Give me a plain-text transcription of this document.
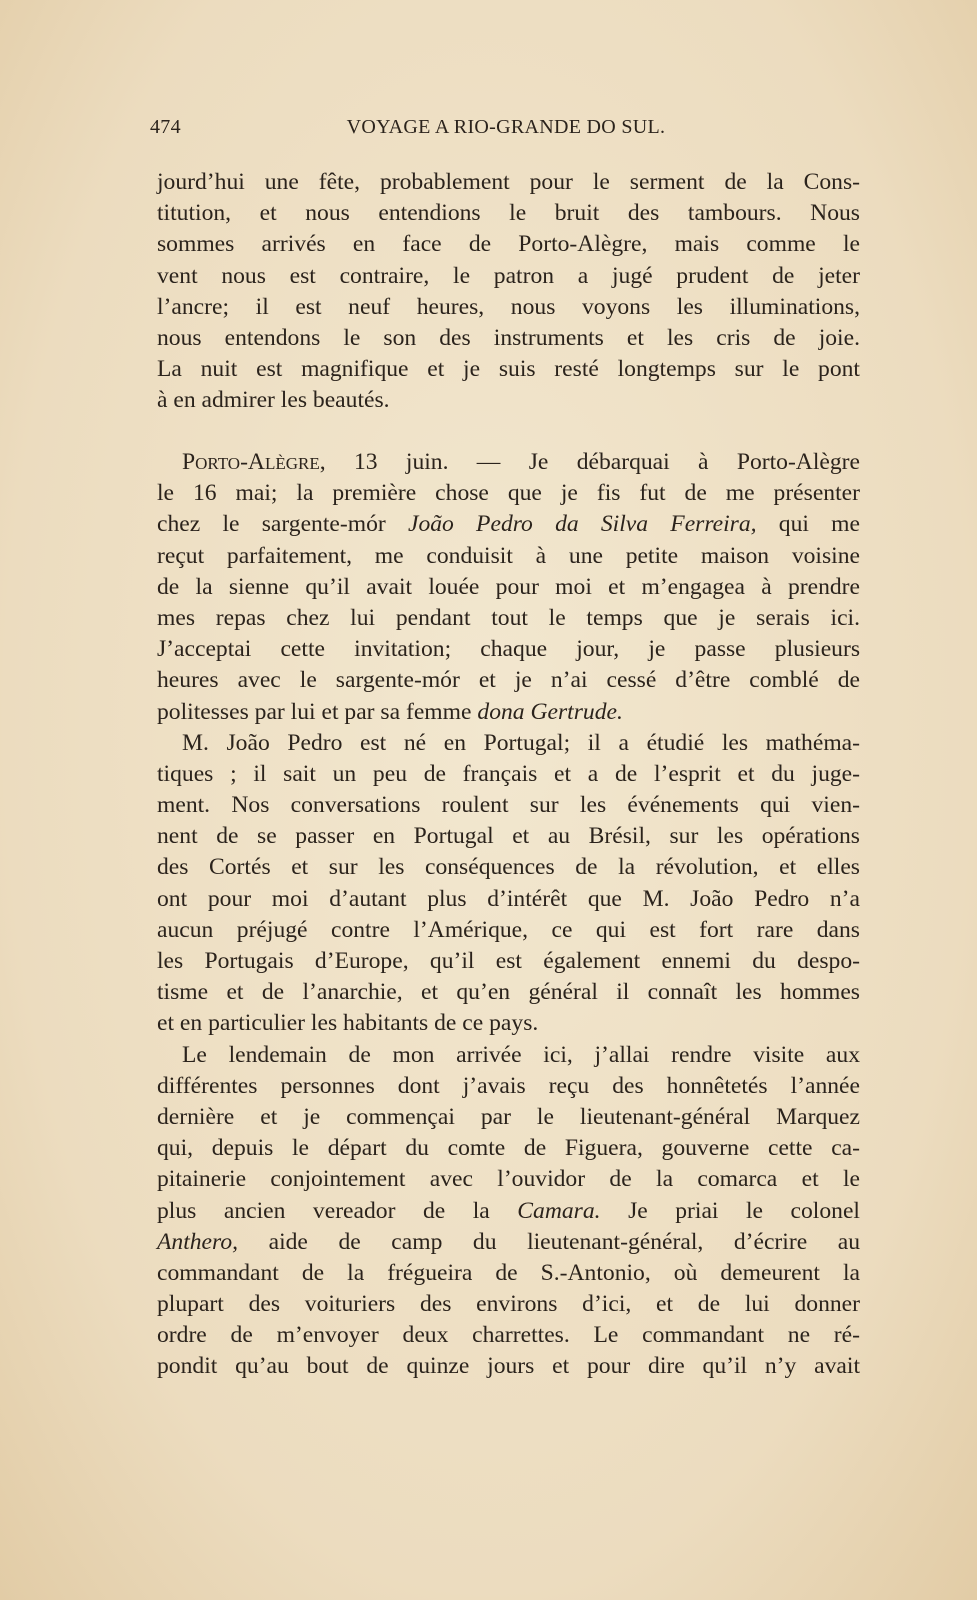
474	VOYAGE A RIO-GRANDE DO SUL.
jourd’hui une fête, probablement pour le serment de la Cons-
titution, et nous entendions le bruit des tambours. Nous
sommes arrivés en face de Porto-Alègre, mais comme le
vent nous est contraire, le patron a jugé prudent de jeter
l’ancre; il est neuf heures, nous voyons les illuminations,
nous entendons le son des instruments et les cris de joie.
La nuit est magnifique et je suis resté longtemps sur le pont
à en admirer les beautés.
Porto-Alègre, 13 juin. — Je débarquai à Porto-Alègre
le 16 mai; la première chose que je fis fut de me présenter
chez le sargente-mór João Pedro da Silva Ferreira, qui me
reçut parfaitement, me conduisit à une petite maison voisine
de la sienne qu’il avait louée pour moi et m’engagea à prendre
mes repas chez lui pendant tout le temps que je serais ici.
J’acceptai cette invitation; chaque jour, je passe plusieurs
heures avec le sargente-mór et je n’ai cessé d’être comblé de
politesses par lui et par sa femme dona Gertrude.
M. João Pedro est né en Portugal; il a étudié les mathéma-
tiques ; il sait un peu de français et a de l’esprit et du juge-
ment. Nos conversations roulent sur les événements qui vien-
nent de se passer en Portugal et au Brésil, sur les opérations
des Cortés et sur les conséquences de la révolution, et elles
ont pour moi d’autant plus d’intérêt que M. João Pedro n’a
aucun préjugé contre l’Amérique, ce qui est fort rare dans
les Portugais d’Europe, qu’il est également ennemi du despo-
tisme et de l’anarchie, et qu’en général il connaît les hommes
et en particulier les habitants de ce pays.
Le lendemain de mon arrivée ici, j’allai rendre visite aux
différentes personnes dont j’avais reçu des honnêtetés l’année
dernière et je commençai par le lieutenant-général Marquez
qui, depuis le départ du comte de Figuera, gouverne cette ca-
pitainerie conjointement avec l’ouvidor de la comarca et le
plus ancien vereador de la Camara. Je priai le colonel
Anthero, aide de camp du lieutenant-général, d’écrire au
commandant de la frégueira de S.-Antonio, où demeurent la
plupart des voituriers des environs d’ici, et de lui donner
ordre de m’envoyer deux charrettes. Le commandant ne ré-
pondit qu’au bout de quinze jours et pour dire qu’il n’y avait
